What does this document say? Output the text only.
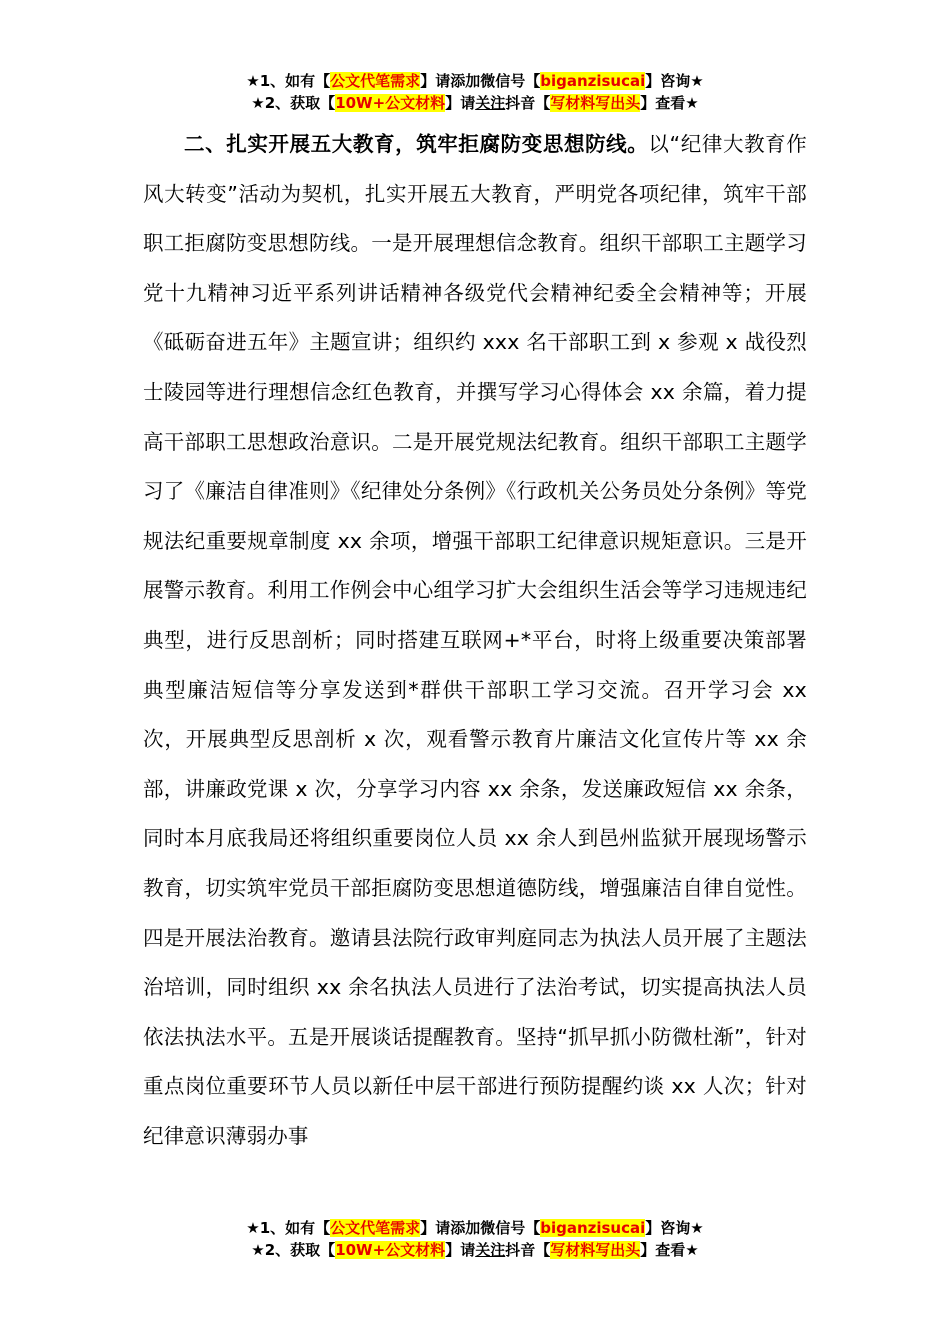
★1、如有【公文代笔需求】请添加微信号【biganzisucai】咨询★
★2、获取【10W+公文材料】请关注抖音【写材料写出头】查看★
二、扎实开展五大教育，筑牢拒腐防变思想防线。以“纪律大教育作风大转变”活动为契机，扎实开展五大教育，严明党各项纪律，筑牢干部职工拒腐防变思想防线。一是开展理想信念教育。组织干部职工主题学习党十九精神习近平系列讲话精神各级党代会精神纪委全会精神等；开展《砥砺奋进五年》主题宣讲；组织约 xxx 名干部职工到 x 参观 x 战役烈士陵园等进行理想信念红色教育，并撰写学习心得体会 xx 余篇，着力提高干部职工思想政治意识。二是开展党规法纪教育。组织干部职工主题学习了《廉洁自律准则》《纪律处分条例》《行政机关公务员处分条例》等党规法纪重要规章制度 xx 余项，增强干部职工纪律意识规矩意识。三是开展警示教育。利用工作例会中心组学习扩大会组织生活会等学习违规违纪典型，进行反思剖析；同时搭建互联网+*平台，时将上级重要决策部署典型廉洁短信等分享发送到*群供干部职工学习交流。召开学习会 xx 次，开展典型反思剖析 x 次，观看警示教育片廉洁文化宣传片等 xx 余部，讲廉政党课 x 次，分享学习内容 xx 余条，发送廉政短信 xx 余条，同时本月底我局还将组织重要岗位人员 xx 余人到邑州监狱开展现场警示教育，切实筑牢党员干部拒腐防变思想道德防线，增强廉洁自律自觉性。四是开展法治教育。邀请县法院行政审判庭同志为执法人员开展了主题法治培训，同时组织 xx 余名执法人员进行了法治考试，切实提高执法人员依法执法水平。五是开展谈话提醒教育。坚持“抓早抓小防微杜渐”，针对重点岗位重要环节人员以新任中层干部进行预防提醒约谈 xx 人次；针对纪律意识薄弱办事
★1、如有【公文代笔需求】请添加微信号【biganzisucai】咨询★
★2、获取【10W+公文材料】请关注抖音【写材料写出头】查看★
